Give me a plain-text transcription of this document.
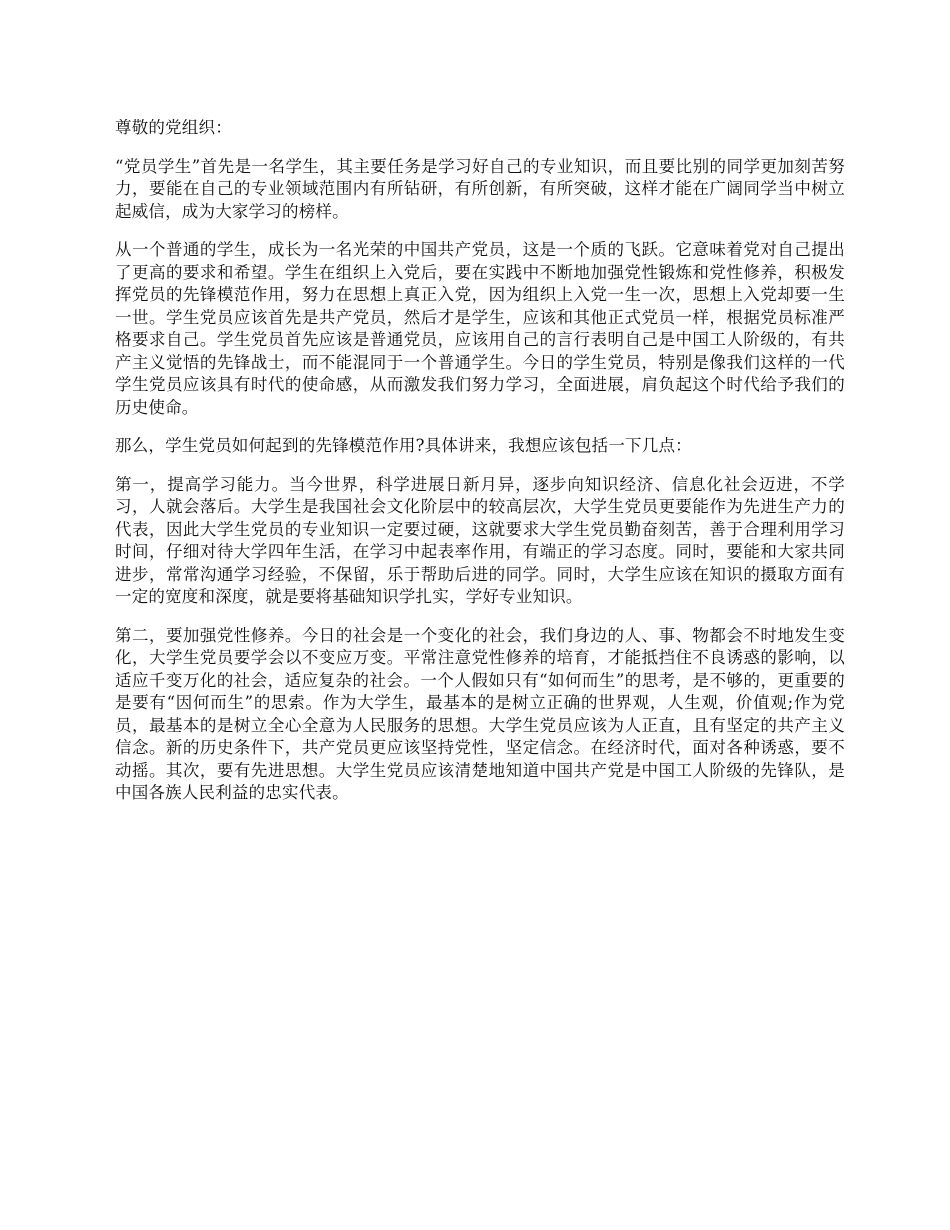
尊敬的党组织：

“党员学生”首先是一名学生，其主要任务是学习好自己的专业知识，而且要比别的同学更加刻苦努力，要能在自己的专业领域范围内有所钻研，有所创新，有所突破，这样才能在广阔同学当中树立起威信，成为大家学习的榜样。

从一个普通的学生，成长为一名光荣的中国共产党员，这是一个质的飞跃。它意味着党对自己提出了更高的要求和希望。学生在组织上入党后，要在实践中不断地加强党性锻炼和党性修养，积极发挥党员的先锋模范作用，努力在思想上真正入党，因为组织上入党一生一次，思想上入党却要一生一世。学生党员应该首先是共产党员，然后才是学生，应该和其他正式党员一样，根据党员标准严格要求自己。学生党员首先应该是普通党员，应该用自己的言行表明自己是中国工人阶级的，有共产主义觉悟的先锋战士，而不能混同于一个普通学生。今日的学生党员，特别是像我们这样的一代学生党员应该具有时代的使命感，从而激发我们努力学习，全面进展，肩负起这个时代给予我们的历史使命。

那么，学生党员如何起到的先锋模范作用?具体讲来，我想应该包括一下几点：

第一，提高学习能力。当今世界，科学进展日新月异，逐步向知识经济、信息化社会迈进，不学习，人就会落后。大学生是我国社会文化阶层中的较高层次，大学生党员更要能作为先进生产力的代表，因此大学生党员的专业知识一定要过硬，这就要求大学生党员勤奋刻苦，善于合理利用学习时间，仔细对待大学四年生活，在学习中起表率作用，有端正的学习态度。同时，要能和大家共同进步，常常沟通学习经验，不保留，乐于帮助后进的同学。同时，大学生应该在知识的摄取方面有一定的宽度和深度，就是要将基础知识学扎实，学好专业知识。

第二，要加强党性修养。今日的社会是一个变化的社会，我们身边的人、事、物都会不时地发生变化，大学生党员要学会以不变应万变。平常注意党性修养的培育，才能抵挡住不良诱惑的影响，以适应千变万化的社会，适应复杂的社会。一个人假如只有“如何而生”的思考，是不够的，更重要的是要有“因何而生”的思索。作为大学生，最基本的是树立正确的世界观，人生观，价值观;作为党员，最基本的是树立全心全意为人民服务的思想。大学生党员应该为人正直，且有坚定的共产主义信念。新的历史条件下，共产党员更应该坚持党性，坚定信念。在经济时代，面对各种诱惑，要不动摇。其次，要有先进思想。大学生党员应该清楚地知道中国共产党是中国工人阶级的先锋队，是中国各族人民利益的忠实代表。
